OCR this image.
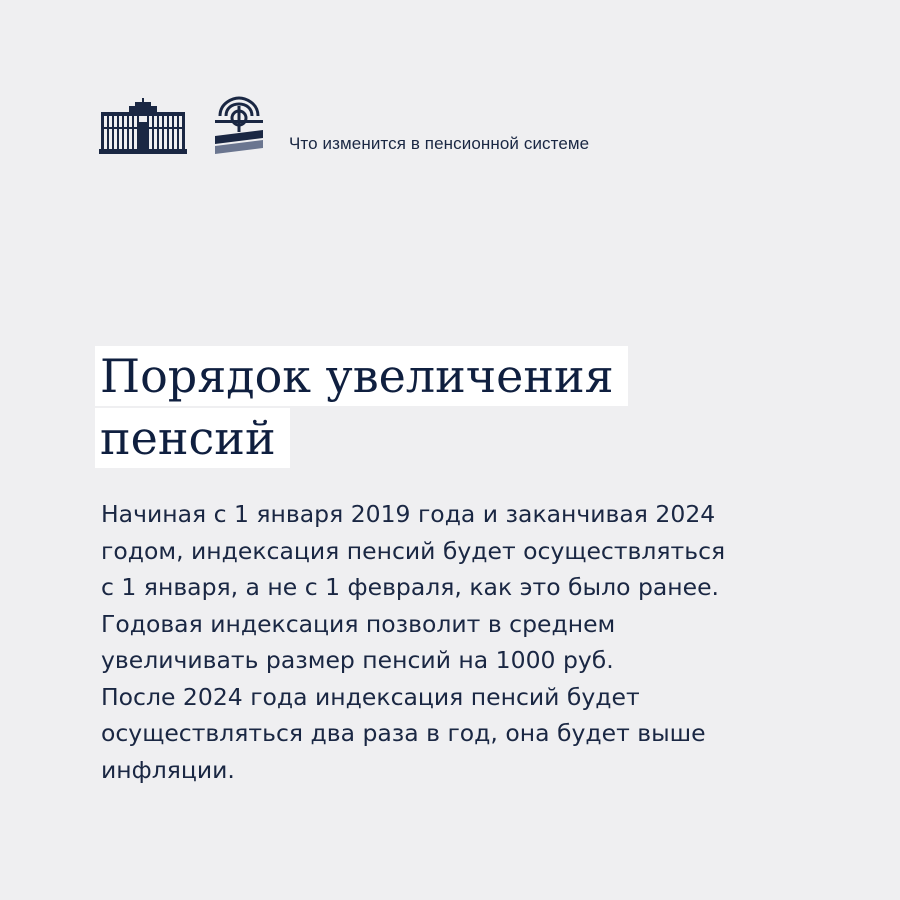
Что изменится в пенсионной системе
Порядок увеличения
пенсий

Начиная с 1 января 2019 года и заканчивая 2024
годом, индексация пенсий будет осуществляться
с 1 января, а не с 1 февраля, как это было ранее.
Годовая индексация позволит в среднем
увеличивать размер пенсий на 1000 руб.
После 2024 года индексация пенсий будет
осуществляться два раза в год, она будет выше
инфляции.
